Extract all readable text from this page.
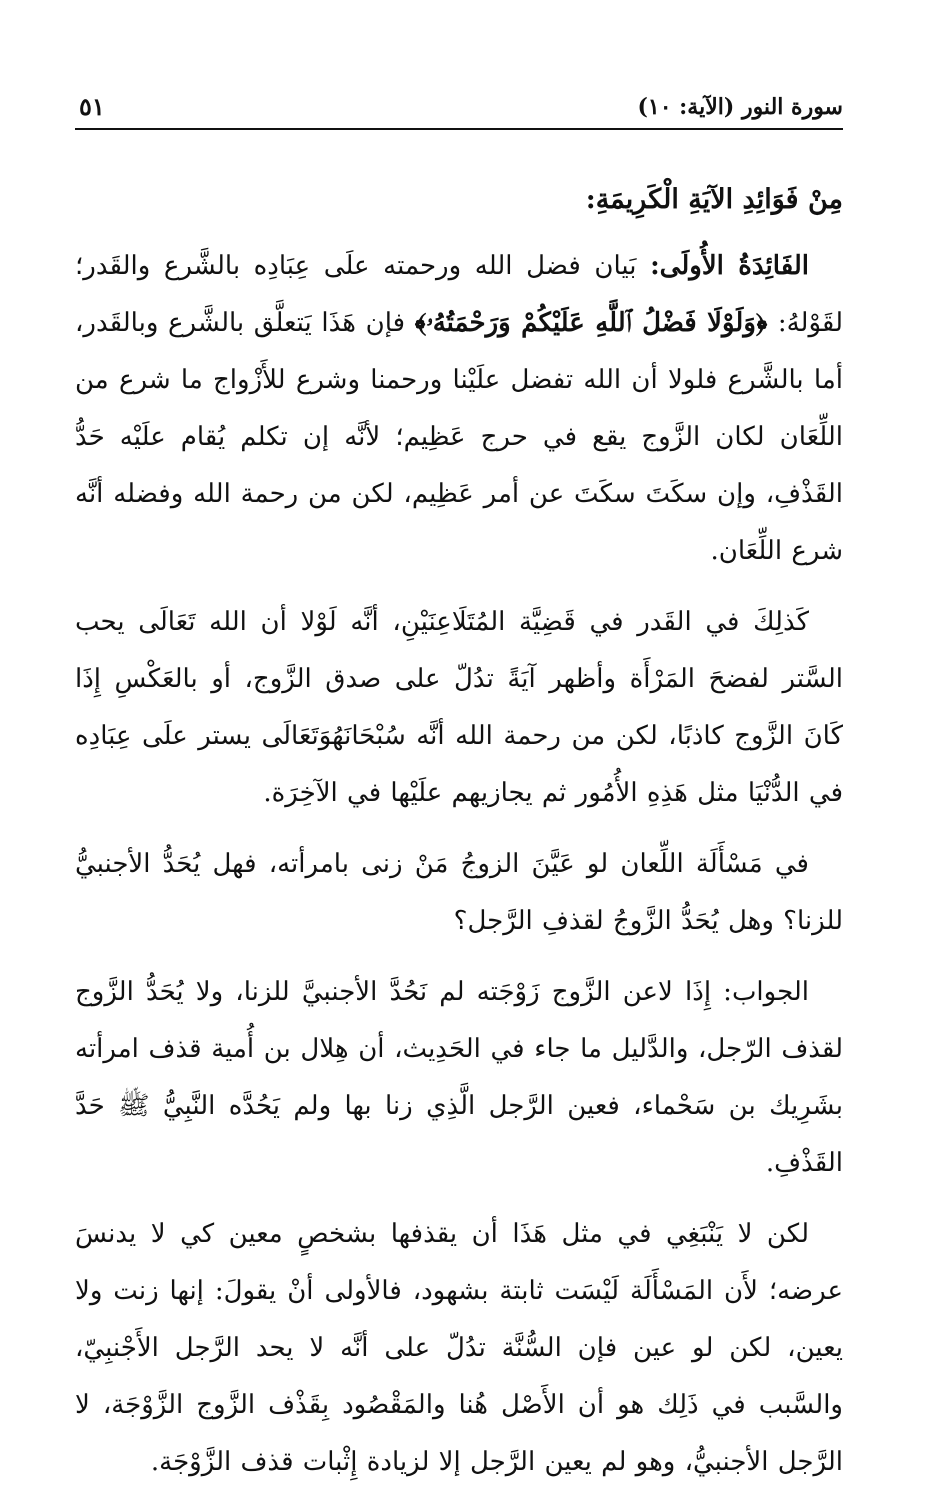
سورة النور (الآية: ١٠)
٥١
مِنْ فَوَائِدِ الآيَةِ الْكَرِيمَةِ:

الفَائِدَةُ الأُولَى: بَيان فضل الله ورحمته علَى عِبَادِه بالشَّرع والقَدر؛ لقَوْلهُ: ﴿وَلَوْلَا فَضْلُ ٱللَّهِ عَلَيْكُمْ وَرَحْمَتُهُۥ﴾ فإن هَذَا يَتعلَّق بالشَّرع وبالقَدر، أما بالشَّرع فلولا أن الله تفضل علَيْنا ورحمنا وشرع للأَزْواج ما شرع من اللِّعَان لكان الزَّوج يقع في حرج عَظِيم؛ لأنَّه إن تكلم يُقام علَيْه حَدُّ القَذْفِ، وإن سكَتَ سكَتَ عن أمر عَظِيم، لكن من رحمة الله وفضله أنَّه شرع اللِّعَان.

كَذلِكَ في القَدر في قَضِيَّة المُتَلَاعِنَيْنِ، أنَّه لَوْلا أن الله تَعَالَى يحب السَّتر لفضحَ المَرْأَة وأظهر آيَةً تدُلّ على صدق الزَّوج، أو بالعَكْسِ إِذَا كَانَ الزَّوج كاذبًا، لكن من رحمة الله أنَّه سُبْحَانَهُوَتَعَالَى يستر علَى عِبَادِه في الدُّنْيَا مثل هَذِهِ الأُمُور ثم يجازيهم علَيْها في الآخِرَة.

في مَسْأَلَة اللِّعان لو عَيَّنَ الزوجُ مَنْ زنى بامرأته، فهل يُحَدُّ الأجنبيُّ للزنا؟ وهل يُحَدُّ الزَّوجُ لقذفِ الرَّجل؟

الجواب: إِذَا لاعن الزَّوج زَوْجَته لم نَحُدَّ الأجنبيَّ للزنا، ولا يُحَدُّ الزَّوج لقذف الرّجل، والدَّليل ما جاء في الحَدِيث، أن هِلال بن أُمية قذف امرأته بشَرِيك بن سَحْماء، فعين الرَّجل الَّذِي زنا بها ولم يَحُدَّه النَّبِيُّ ﷺ حَدَّ القَذْفِ.

لكن لا يَنْبَغِي في مثل هَذَا أن يقذفها بشخصٍ معين كي لا يدنسَ عرضه؛ لأَن المَسْأَلَة لَيْسَت ثابتة بشهود، فالأولى أنْ يقولَ: إنها زنت ولا يعين، لكن لو عين فإن السُّنَّة تدُلّ على أنَّه لا يحد الرَّجل الأَجْنبِيّ، والسَّبب في ذَلِك هو أن الأَصْل هُنا والمَقْصُود بِقَذْف الزَّوج الزَّوْجَة، لا الرَّجل الأجنبيُّ، وهو لم يعين الرَّجل إلا لزيادة إِثْبات قذف الزَّوْجَة.
